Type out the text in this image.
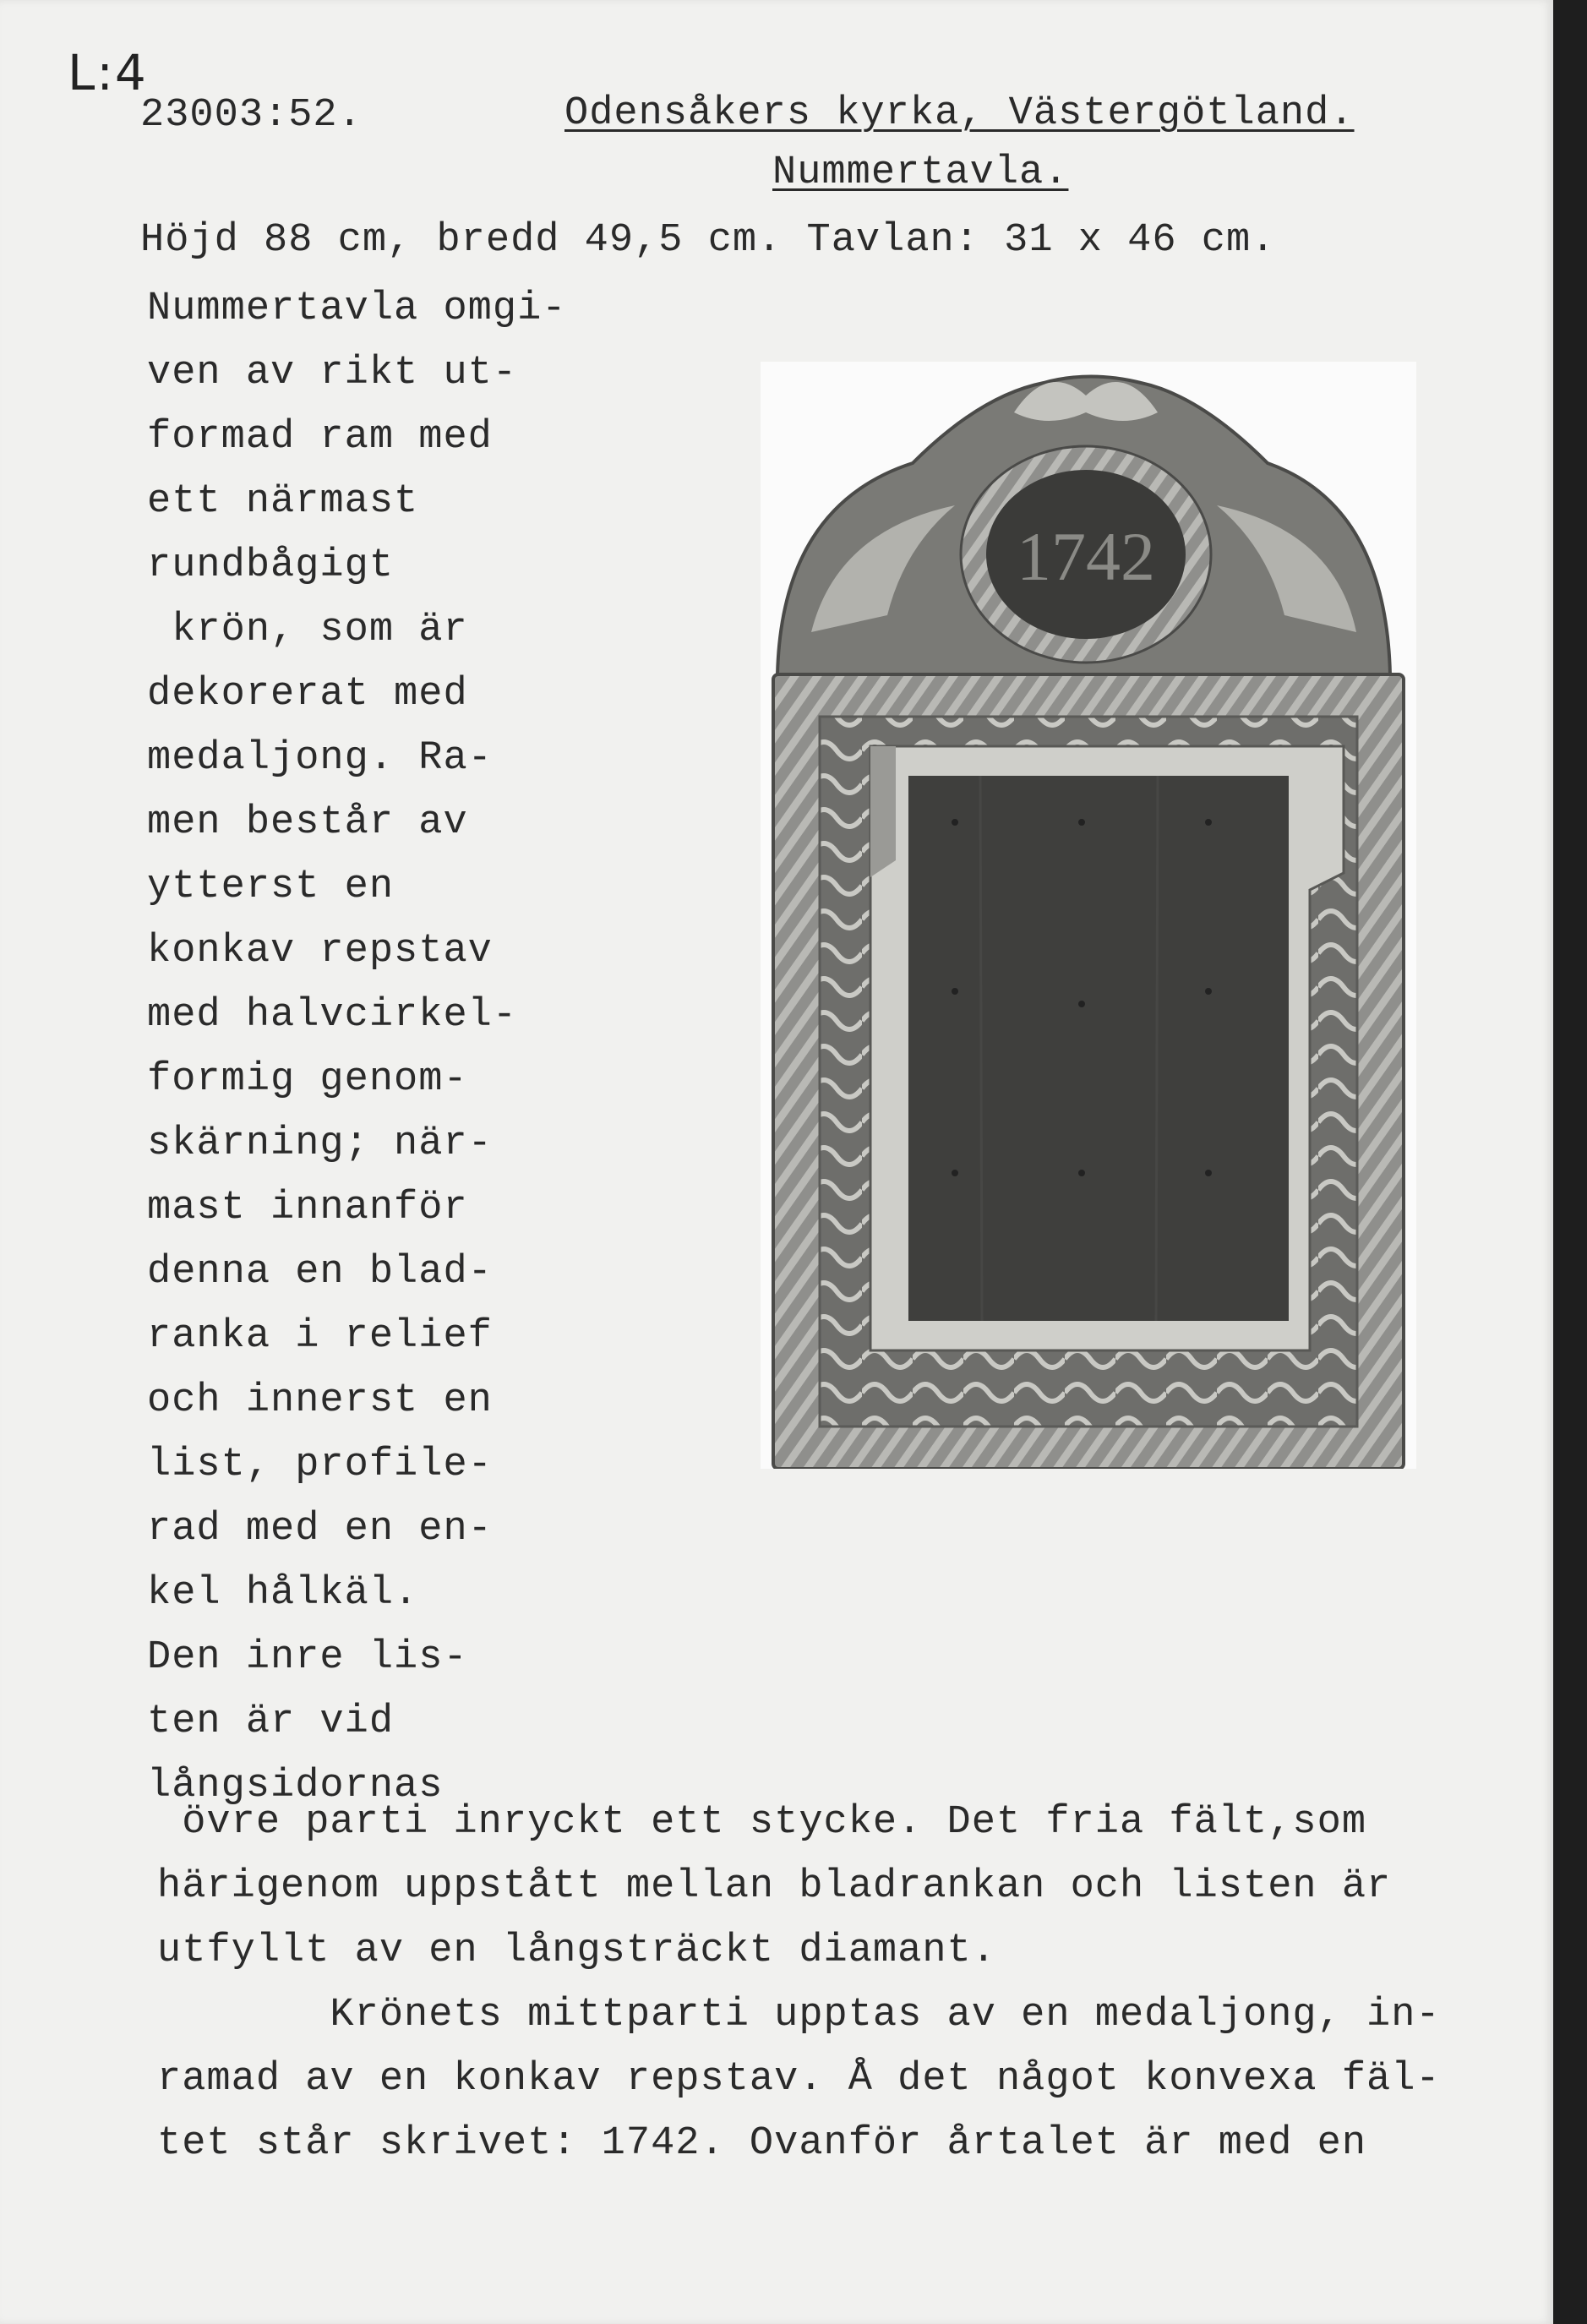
L:4
23003:52.	Odensåkers kyrka, Västergötland.
Nummertavla.
Höjd 88 cm, bredd 49,5 cm. Tavlan: 31 x 46 cm.
Nummertavla omgi-
ven av rikt ut-
formad ram med
ett närmast
rundbågigt
krön, som är
dekorerat med
medaljong. Ra-
men består av
ytterst en
konkav repstav
med halvcirkel-
formig genom-
skärning; när-
mast innanför
denna en blad-
ranka i relief
och innerst en
list, profile-
rad med en en-
kel hålkäl.
Den inre lis-
ten är vid
långsidornas
övre parti inryckt ett stycke. Det fria fält,som
härigenom uppstått mellan bladrankan och listen är
utfyllt av en långsträckt diamant.
Krönets mittparti upptas av en medaljong, in-
ramad av en konkav repstav. Å det något konvexa fäl-
tet står skrivet: 1742. Ovanför årtalet är med en
1742
